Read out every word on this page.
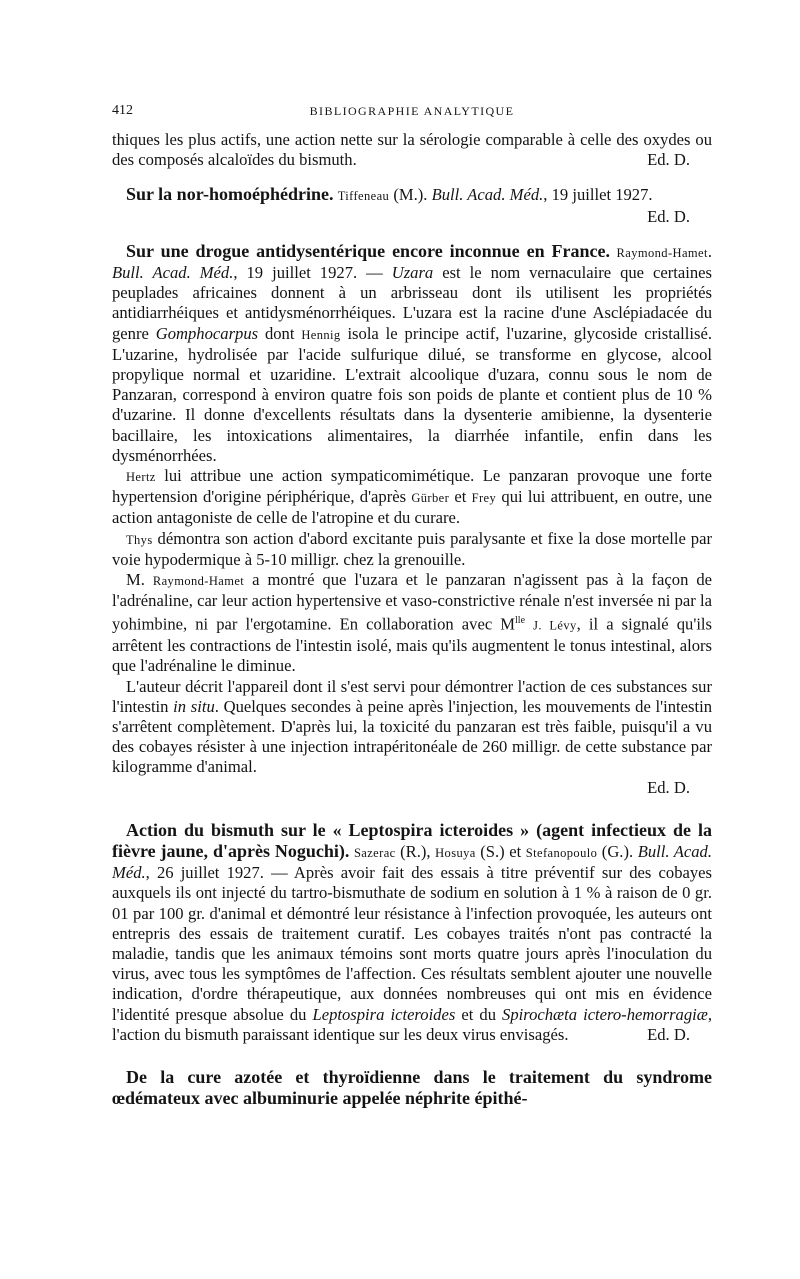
412	BIBLIOGRAPHIE ANALYTIQUE

thiques les plus actifs, une action nette sur la sérologie comparable à celle des oxydes ou des composés alcaloïdes du bismuth.	Ed. D.

Sur la nor-homoéphédrine. Tiffeneau (M.). Bull. Acad. Méd., 19 juillet 1927.
Ed. D.

Sur une drogue antidysentérique encore inconnue en France. Raymond-Hamet. Bull. Acad. Méd., 19 juillet 1927. — Uzara est le nom vernaculaire que certaines peuplades africaines donnent à un arbrisseau dont ils utilisent les propriétés antidiarrhéiques et antidysménorrhéiques. L'uzara est la racine d'une Asclépiadacée du genre Gomphocarpus dont Hennig isola le principe actif, l'uzarine, glycoside cristallisé. L'uzarine, hydrolisée par l'acide sulfurique dilué, se transforme en glycose, alcool propylique normal et uzaridine. L'extrait alcoolique d'uzara, connu sous le nom de Panzaran, correspond à environ quatre fois son poids de plante et contient plus de 10 % d'uzarine. Il donne d'excellents résultats dans la dysenterie amibienne, la dysenterie bacillaire, les intoxications alimentaires, la diarrhée infantile, enfin dans les dysménorrhées.

Hertz lui attribue une action sympaticomimétique. Le panzaran provoque une forte hypertension d'origine périphérique, d'après Gürber et Frey qui lui attribuent, en outre, une action antagoniste de celle de l'atropine et du curare.

Thys démontra son action d'abord excitante puis paralysante et fixe la dose mortelle par voie hypodermique à 5-10 milligr. chez la grenouille.

M. Raymond-Hamet a montré que l'uzara et le panzaran n'agissent pas à la façon de l'adrénaline, car leur action hypertensive et vaso-constrictive rénale n'est inversée ni par la yohimbine, ni par l'ergotamine. En collaboration avec $M^{lle}$ J. Lévy, il a signalé qu'ils arrêtent les contractions de l'intestin isolé, mais qu'ils augmentent le tonus intestinal, alors que l'adrénaline le diminue.

L'auteur décrit l'appareil dont il s'est servi pour démontrer l'action de ces substances sur l'intestin in situ. Quelques secondes à peine après l'injection, les mouvements de l'intestin s'arrêtent complètement. D'après lui, la toxicité du panzaran est très faible, puisqu'il a vu des cobayes résister à une injection intrapéritonéale de 260 milligr. de cette substance par kilogramme d'animal.

Ed. D.

Action du bismuth sur le « Leptospira icteroides » (agent infectieux de la fièvre jaune, d'après Noguchi). Sazerac (R.), Hosuya (S.) et Stefanopoulo (G.). Bull. Acad. Méd., 26 juillet 1927. — Après avoir fait des essais à titre préventif sur des cobayes auxquels ils ont injecté du tartro-bismuthate de sodium en solution à 1 % à raison de 0 gr. 01 par 100 gr. d'animal et démontré leur résistance à l'infection provoquée, les auteurs ont entrepris des essais de traitement curatif. Les cobayes traités n'ont pas contracté la maladie, tandis que les animaux témoins sont morts quatre jours après l'inoculation du virus, avec tous les symptômes de l'affection. Ces résultats semblent ajouter une nouvelle indication, d'ordre thérapeutique, aux données nombreuses qui ont mis en évidence l'identité presque absolue du Leptospira icteroides et du Spirochæta ictero-hemorragiæ, l'action du bismuth paraissant identique sur les deux virus envisagés.	Ed. D.

De la cure azotée et thyroïdienne dans le traitement du syndrome œdémateux avec albuminurie appelée néphrite épithé-
